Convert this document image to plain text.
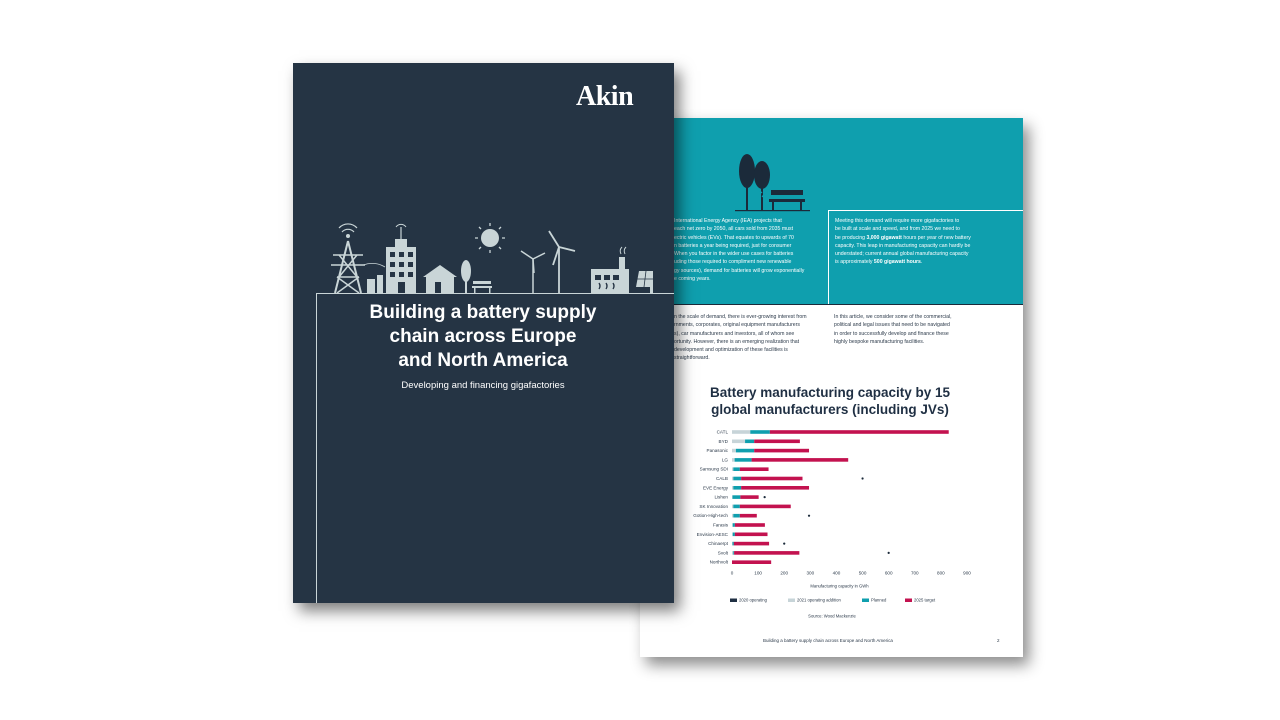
International Energy Agency (IEA) projects that
each net zero by 2050, all cars sold from 2035 must
ectric vehicles (EVs). That equates to upwards of 70
n batteries a year being required, just for consumer
When you factor in the wider use cases for batteries
uding those required to compliment new renewable
gy sources), demand for batteries will grow exponentially
e coming years.
Meeting this demand will require more gigafactories to
be built at scale and speed, and from 2025 we need to
be producing 3,000 gigawatt hours per year of new battery
capacity. This leap in manufacturing capacity can hardly be
understated; current annual global manufacturing capacity
is approximately 500 gigawatt hours.
n the scale of demand, there is ever-growing interest from
rnments, corporates, original equipment manufacturers
s), car manufacturers and investors, all of whom see
ortunity. However, there is an emerging realization that
development and optimization of these facilities is
straightforward.
In this article, we consider some of the commercial,
political and legal issues that need to be navigated
in order to successfully develop and finance these
highly bespoke manufacturing facilities.
Battery manufacturing capacity by 15
global manufacturers (including JVs)
CATL
BYD
Panasonic
LG
Samsung SDI
CALB
EVE Energy
Lishen
SK Innovation
Gotion-High-tech
Farasis
Envision-AESC
Chinaerpt
Svolt
Northvolt
0	100	200	300	400	500	600	700	800	900
Manufacturing capacity in GWh
2020 operating	2021 operating addition	Planned	2025 target
Source: Wood Mackenzie

Building a battery supply chain across Europe and North America	2

Akin

Building a battery supply
chain across Europe
and North America

Developing and financing gigafactories
